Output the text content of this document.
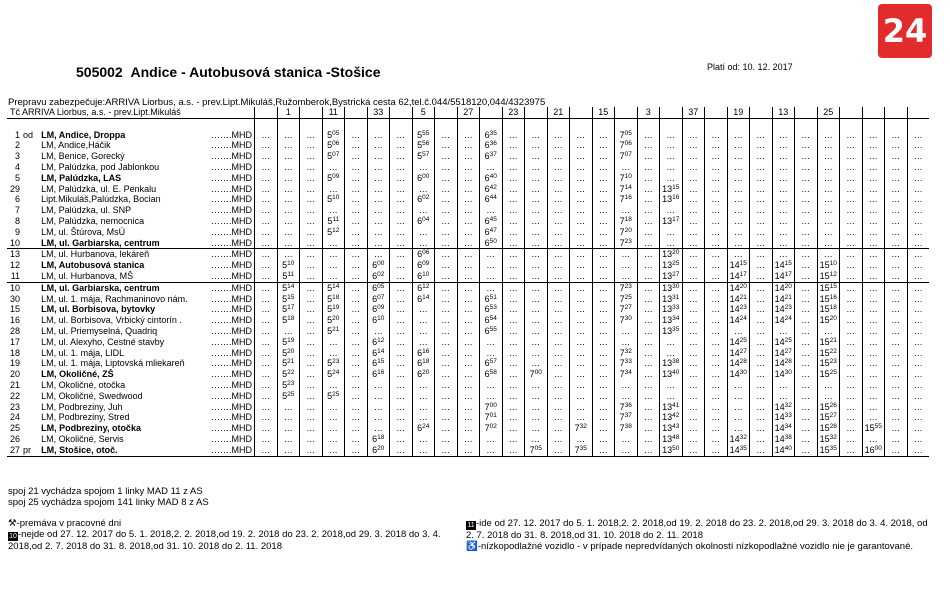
24
505002 Andice - Autobusová stanica -Stošice	Platí od: 10. 12. 2017
Prepravu zabezpečuje:ARRIVA Liorbus, a.s. - prev.Lipt.Mikuláš,Ružomberok,Bystrická cesta 62,tel.č.044/5518120,044/4323975
Tč ARRIVA Liorbus, a.s. - prev.Lipt.Mikuláš				1		11		33		5		27		23		21		15		3		37		19		13		25				

1	od	LM, Andice, Droppa …….MHD	…	…	…	$5^{05}$	…	…	…	$5^{55}$	…	…	$6^{35}$	…	…	…	…	…	$7^{05}$	…	…	…	…	…	…	…	…	…	…	…	…	…
2		LM, Andice,Háčik …….MHD	…	…	…	$5^{06}$	…	…	…	$5^{56}$	…	…	$6^{36}$	…	…	…	…	…	$7^{06}$	…	…	…	…	…	…	…	…	…	…	…	…	…
3		LM, Benice, Gorecký …….MHD	…	…	…	$5^{07}$	…	…	…	$5^{57}$	…	…	$6^{37}$	…	…	…	…	…	$7^{07}$	…	…	…	…	…	…	…	…	…	…	…	…	…
4		LM, Palúdzka, pod Jablonkou …….MHD	…	…	…	…	…	…	…	…	…	…	…	…	…	…	…	…	…	…	…	…	…	…	…	…	…	…	…	…	…	…
5		LM, Palúdzka, LAS …….MHD	…	…	…	$5^{09}$	…	…	…	$6^{00}$	…	…	$6^{40}$	…	…	…	…	…	$7^{10}$	…	…	…	…	…	…	…	…	…	…	…	…	…
29		LM, Palúdzka, ul. E. Penkalu …….MHD	…	…	…	…	…	…	…	…	…	…	$6^{42}$	…	…	…	…	…	$7^{14}$	…	$13^{15}$	…	…	…	…	…	…	…	…	…	…	…
6		Lipt.Mikuláš,Palúdzka, Bocian …….MHD	…	…	…	$5^{10}$	…	…	…	$6^{02}$	…	…	$6^{44}$	…	…	…	…	…	$7^{16}$	…	$13^{16}$	…	…	…	…	…	…	…	…	…	…	…
7		LM, Palúdzka, ul. SNP …….MHD	…	…	…	…	…	…	…	…	…	…	…	…	…	…	…	…	…	…	…	…	…	…	…	…	…	…	…	…	…	…
8		LM, Palúdzka, nemocnica …….MHD	…	…	…	$5^{11}$	…	…	…	$6^{04}$	…	…	$6^{45}$	…	…	…	…	…	$7^{18}$	…	$13^{17}$	…	…	…	…	…	…	…	…	…	…	…
9		LM, ul. Štúrova, MsÚ …….MHD	…	…	…	$5^{12}$	…	…	…	…	…	…	$6^{47}$	…	…	…	…	…	$7^{20}$	…	…	…	…	…	…	…	…	…	…	…	…	…
10		LM, ul. Garbiarska, centrum …….MHD	…	…	…	…	…	…	…	…	…	…	$6^{50}$	…	…	…	…	…	$7^{23}$	…	…	…	…	…	…	…	…	…	…	…	…	…
13		LM, ul. Hurbanova, lekáreň …….MHD	…	…	…	…	…	…	…	$6^{06}$	…	…	…	…	…	…	…	…	…	…	$13^{20}$	…	…	…	…	…	…	…	…	…	…	…
12		LM, Autobusová stanica …….MHD	…	$5^{10}$	…	…	…	$6^{00}$	…	$6^{09}$	…	…	…	…	…	…	…	…	…	…	$13^{25}$	…	…	$14^{15}$	…	$14^{15}$	…	$15^{10}$	…	…	…	…
11		LM, ul. Hurbanova, MŠ …….MHD	…	$5^{11}$	…	…	…	$6^{02}$	…	$6^{10}$	…	…	…	…	…	…	…	…	…	…	$13^{27}$	…	…	$14^{17}$	…	$14^{17}$	…	$15^{12}$	…	…	…	…
10		LM, ul. Garbiarska, centrum …….MHD	…	$5^{14}$	…	$5^{14}$	…	$6^{05}$	…	$6^{12}$	…	…	…	…	…	…	…	…	$7^{23}$	…	$13^{30}$	…	…	$14^{20}$	…	$14^{20}$	…	$15^{15}$	…	…	…	…
30		LM, ul. 1. mája, Rachmaninovo nám. …….MHD	…	$5^{15}$	…	$5^{18}$	…	$6^{07}$	…	$6^{14}$	…	…	$6^{51}$	…	…	…	…	…	$7^{25}$	…	$13^{31}$	…	…	$14^{21}$	…	$14^{21}$	…	$15^{16}$	…	…	…	…
15		LM, ul. Borbisova, bytovky …….MHD	…	$5^{17}$	…	$5^{19}$	…	$6^{09}$	…	…	…	…	$6^{53}$	…	…	…	…	…	$7^{27}$	…	$13^{33}$	…	…	$14^{23}$	…	$14^{23}$	…	$15^{18}$	…	…	…	…
16		LM, ul. Borbisova, Vrbický cintorín . …….MHD	…	$5^{18}$	…	$5^{20}$	…	$6^{10}$	…	…	…	…	$6^{54}$	…	…	…	…	…	$7^{30}$	…	$13^{34}$	…	…	$14^{24}$	…	$14^{24}$	…	$15^{20}$	…	…	…	…
28		LM, ul. Priemyselná, Quadriq …….MHD	…	…	…	$5^{21}$	…	…	…	…	…	…	$6^{55}$	…	…	…	…	…	…	…	$13^{35}$	…	…	…	…	…	…	…	…	…	…	…
17		LM, ul. Alexyho, Cestné stavby …….MHD	…	$5^{19}$	…	…	…	$6^{12}$	…	…	…	…	…	…	…	…	…	…	…	…	…	…	…	$14^{25}$	…	$14^{25}$	…	$15^{21}$	…	…	…	…
18		LM, ul. 1. mája, LIDL …….MHD	…	$5^{20}$	…	…	…	$6^{14}$	…	$6^{16}$	…	…	…	…	…	…	…	…	$7^{32}$	…	…	…	…	$14^{27}$	…	$14^{27}$	…	$15^{22}$	…	…	…	…
19		LM, ul. 1. mája, Liptovská mliekareň …….MHD	…	$5^{21}$	…	$5^{23}$	…	$6^{15}$	…	$6^{18}$	…	…	$6^{57}$	…	…	…	…	…	$7^{33}$	…	$13^{38}$	…	…	$14^{28}$	…	$14^{28}$	…	$15^{23}$	…	…	…	…
20		LM, Okoličné, ZŠ …….MHD	…	$5^{22}$	…	$5^{24}$	…	$6^{16}$	…	$6^{20}$	…	…	$6^{58}$	…	$7^{00}$	…	…	…	$7^{34}$	…	$13^{40}$	…	…	$14^{30}$	…	$14^{30}$	…	$15^{25}$	…	…	…	…
21		LM, Okoličné, otočka …….MHD	…	$5^{23}$	…	…	…	…	…	…	…	…	…	…	…	…	…	…	…	…	…	…	…	…	…	…	…	…	…	…	…	…
22		LM, Okoličné, Swedwood …….MHD	…	$5^{25}$	…	$5^{25}$	…	…	…	…	…	…	…	…	…	…	…	…	…	…	…	…	…	…	…	…	…	…	…	…	…	…
23		LM, Podbreziny, Juh …….MHD	…	…	…	…	…	…	…	…	…	…	$7^{00}$	…	…	…	…	…	$7^{36}$	…	$13^{41}$	…	…	…	…	$14^{32}$	…	$15^{26}$	…	…	…	…
24		LM, Podbreziny, Stred …….MHD	…	…	…	…	…	…	…	…	…	…	$7^{01}$	…	…	…	…	…	$7^{37}$	…	$13^{42}$	…	…	…	…	$14^{33}$	…	$15^{27}$	…	…	…	…
25		LM, Podbreziny, otočka …….MHD	…	…	…	…	…	…	…	$6^{24}$	…	…	$7^{02}$	…	…	…	$7^{32}$	…	$7^{38}$	…	$13^{43}$	…	…	…	…	$14^{34}$	…	$15^{28}$	…	$15^{55}$	…	…
26		LM, Okoličné, Servis …….MHD	…	…	…	…	…	$6^{18}$	…	…	…	…	…	…	…	…	…	…	…	…	$13^{48}$	…	…	$14^{32}$	…	$14^{38}$	…	$15^{32}$	…	…	…	…
27	pr	LM, Stošice, otoč. …….MHD	…	…	…	…	…	$6^{20}$	…	…	…	…	…	…	$7^{05}$	…	$7^{35}$	…	…	…	$13^{50}$	…	…	$14^{35}$	…	$14^{40}$	…	$15^{35}$	…	$16^{00}$	…	…
spoj 21 vychádza spojom 1 linky MAD 11 z AS
spoj 25 vychádza spojom 141 linky MAD 8 z AS
⚒-premáva v pracovné dni
10-nejde od 27. 12. 2017 do 5. 1. 2018,2. 2. 2018,od 19. 2. 2018 do 23. 2. 2018,od 29. 3. 2018 do 3. 4. 2018,od 2. 7. 2018 do 31. 8. 2018,od 31. 10. 2018 do 2. 11. 2018
11-ide od 27. 12. 2017 do 5. 1. 2018,2. 2. 2018,od 19. 2. 2018 do 23. 2. 2018,od 29. 3. 2018 do 3. 4. 2018, od 2. 7. 2018 do 31. 8. 2018,od 31. 10. 2018 do 2. 11. 2018
♿-nízkopodlažné vozidlo - v prípade nepredvídaných okolností nízkopodlažné vozidlo nie je garantované.
